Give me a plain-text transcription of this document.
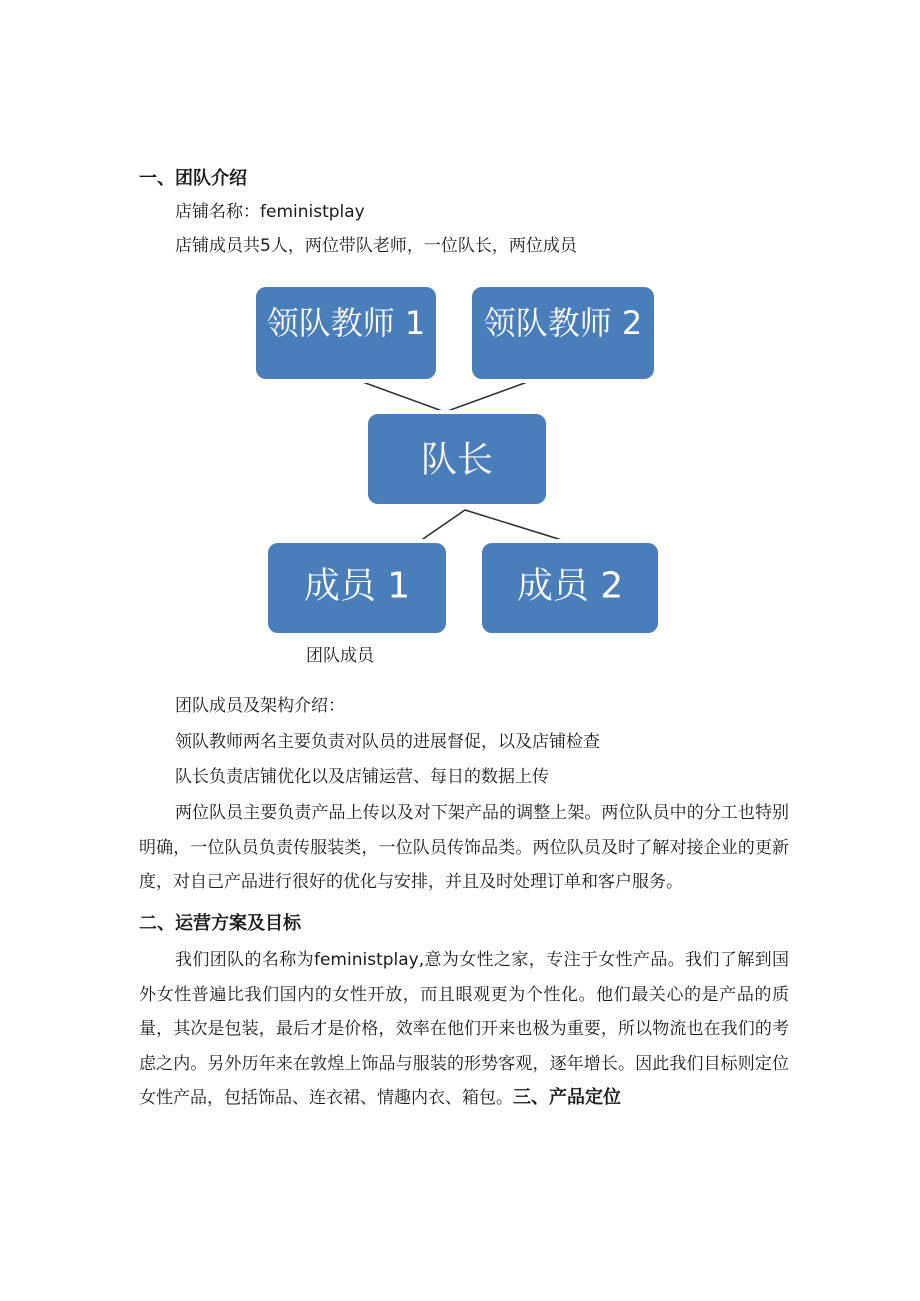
一、团队介绍
店铺名称：feministplay
店铺成员共5人，两位带队老师，一位队长，两位成员
领队教师 1 领队教师 2
队长
成员 1	成员 2
团队成员
团队成员及架构介绍：
领队教师两名主要负责对队员的进展督促，以及店铺检查
队长负责店铺优化以及店铺运营、每日的数据上传
两位队员主要负责产品上传以及对下架产品的调整上架。两位队员中的分工也特别明确，一位队员负责传服装类，一位队员传饰品类。两位队员及时了解对接企业的更新度，对自己产品进行很好的优化与安排，并且及时处理订单和客户服务。
二、运营方案及目标
我们团队的名称为feministplay,意为女性之家，专注于女性产品。我们了解到国外女性普遍比我们国内的女性开放，而且眼观更为个性化。他们最关心的是产品的质量，其次是包装，最后才是价格，效率在他们开来也极为重要，所以物流也在我们的考虑之内。另外历年来在敦煌上饰品与服装的形势客观，逐年增长。因此我们目标则定位女性产品，包括饰品、连衣裙、情趣内衣、箱包。三、产品定位
